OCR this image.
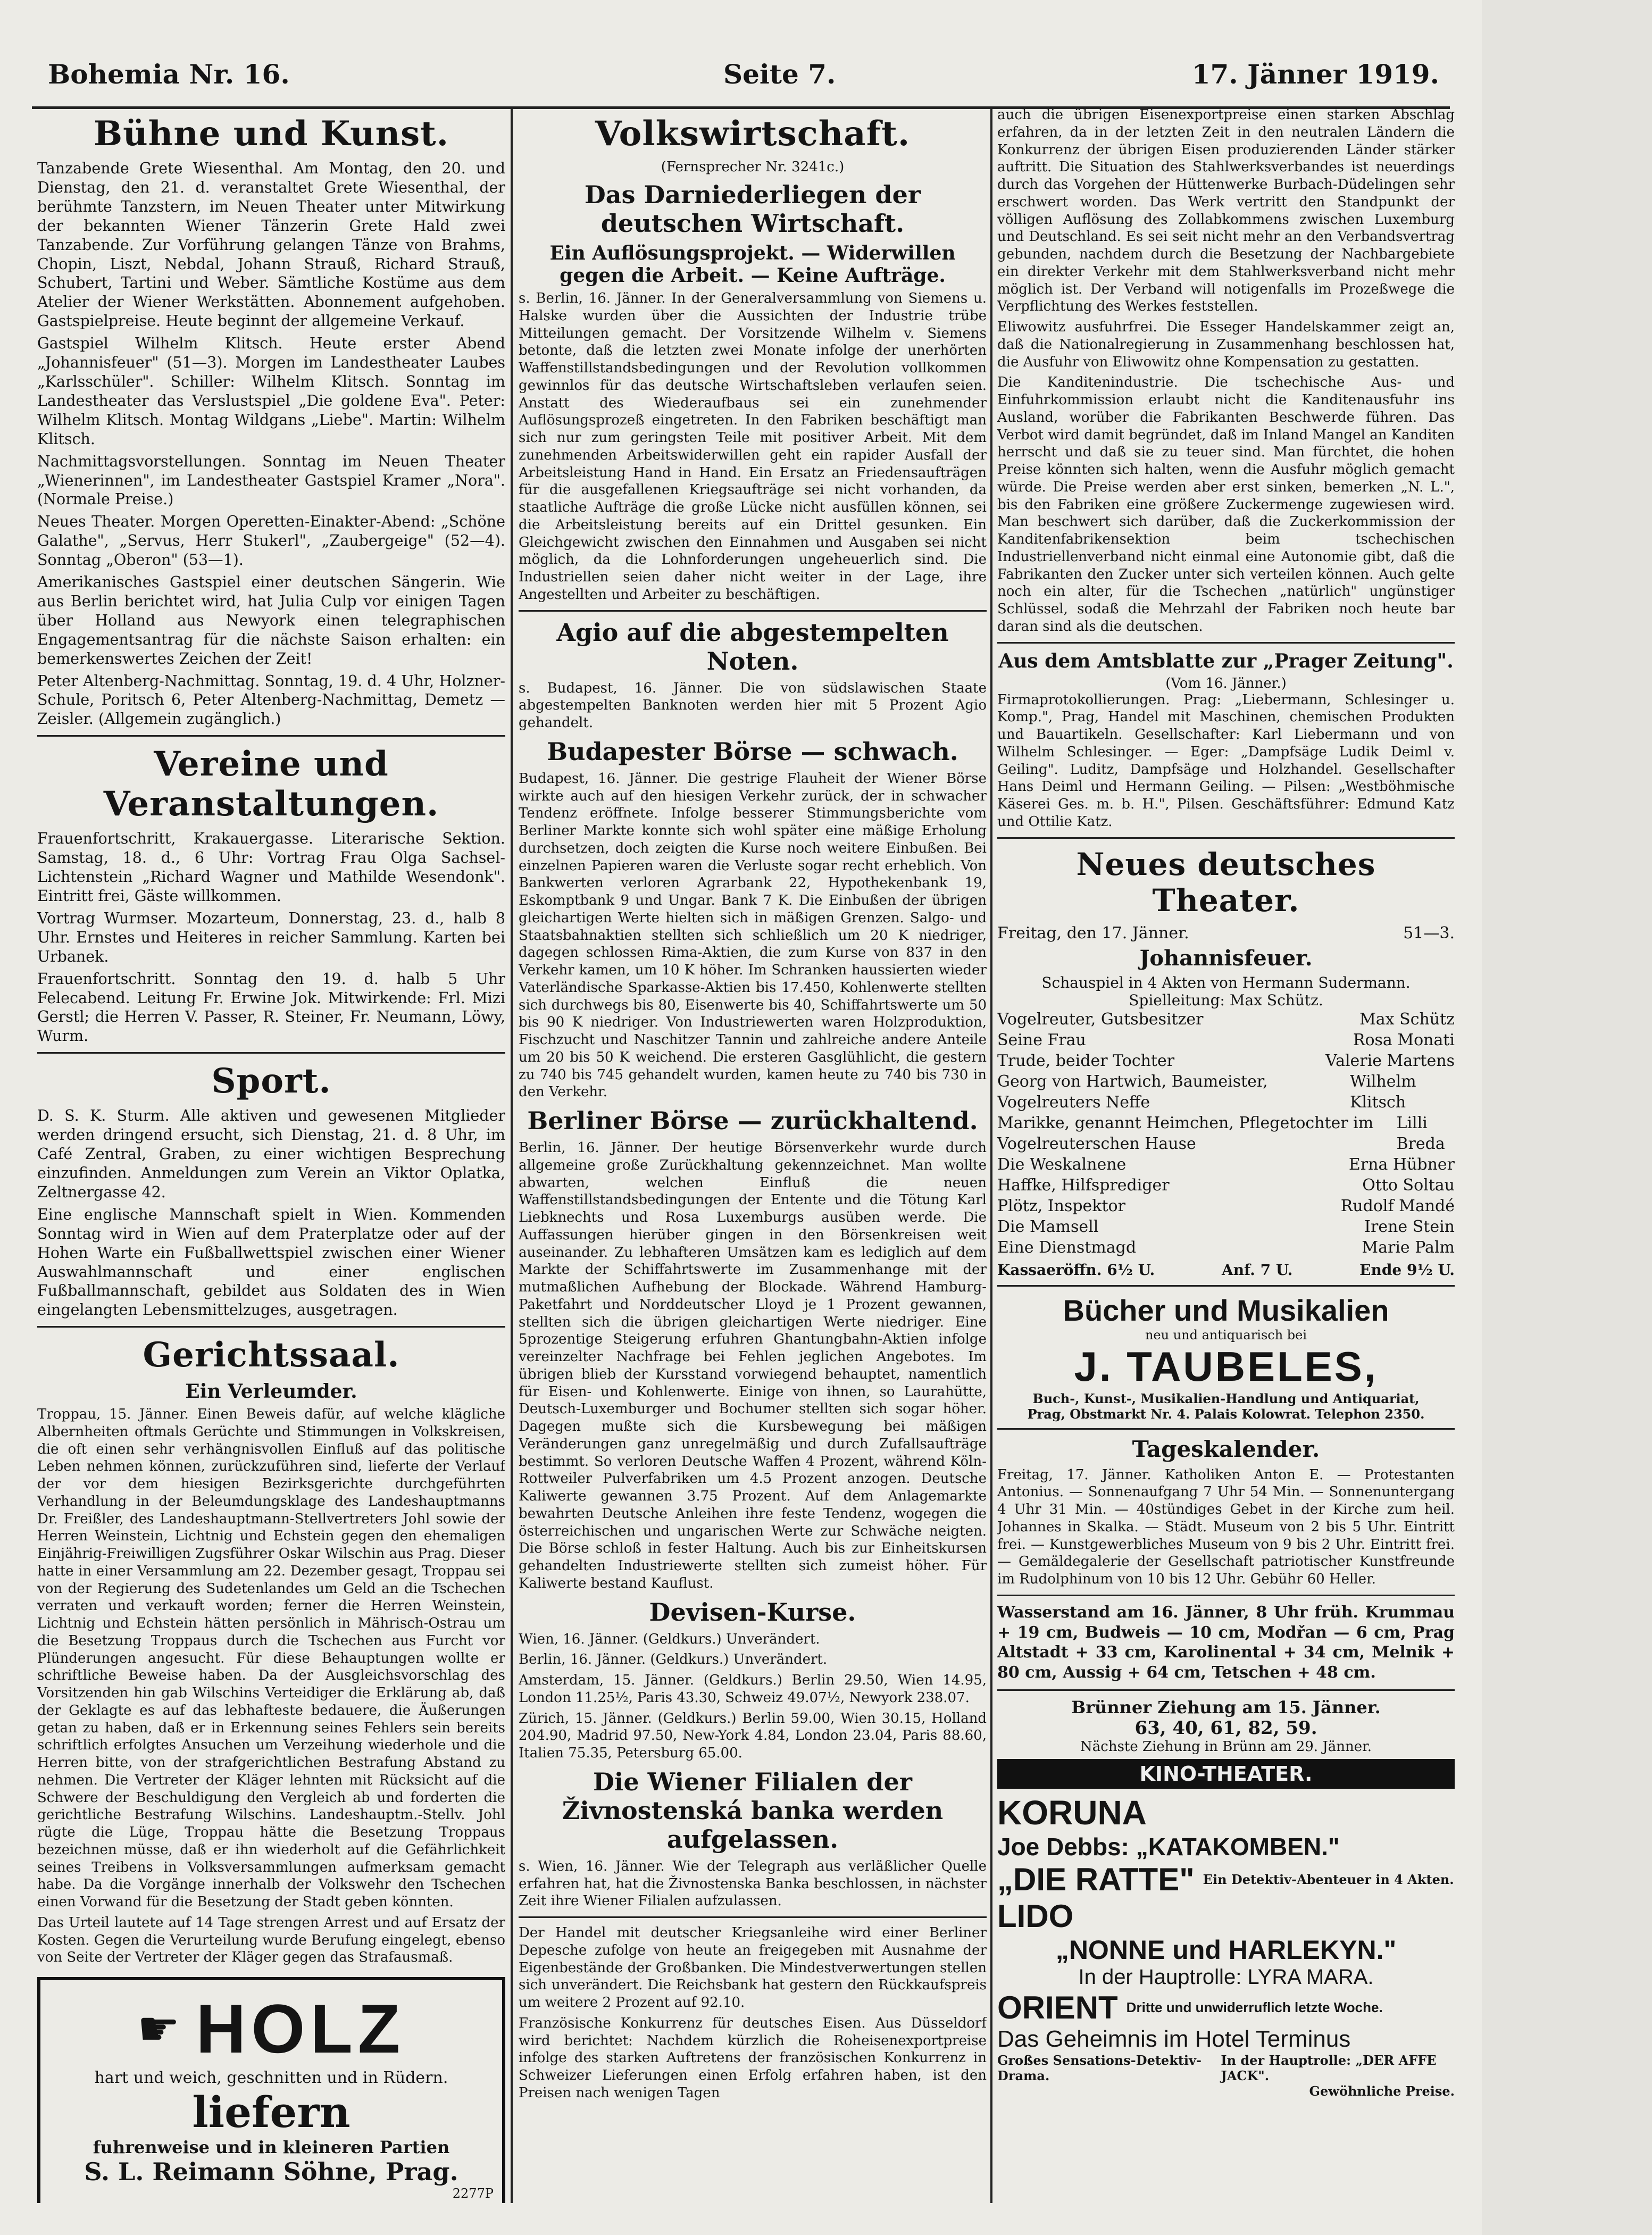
Bohemia Nr. 16.	Seite 7.	17. Jänner 1919.
Bühne und Kunst.

Tanzabende Grete Wiesenthal. Am Montag, den 20. und Dienstag, den 21. d. veranstaltet Grete Wiesenthal, der berühmte Tanzstern, im Neuen Theater unter Mitwirkung der bekannten Wiener Tänzerin Grete Hald zwei Tanzabende. Zur Vorführung gelangen Tänze von Brahms, Chopin, Liszt, Nebdal, Johann Strauß, Richard Strauß, Schubert, Tartini und Weber. Sämtliche Kostüme aus dem Atelier der Wiener Werkstätten. Abonnement aufgehoben. Gastspielpreise. Heute beginnt der allgemeine Verkauf.

Gastspiel Wilhelm Klitsch. Heute erster Abend „Johannisfeuer" (51—3). Morgen im Landestheater Laubes „Karlsschüler". Schiller: Wilhelm Klitsch. Sonntag im Landestheater das Verslustspiel „Die goldene Eva". Peter: Wilhelm Klitsch. Montag Wildgans „Liebe". Martin: Wilhelm Klitsch.

Nachmittagsvorstellungen. Sonntag im Neuen Theater „Wienerinnen", im Landestheater Gastspiel Kramer „Nora". (Normale Preise.)

Neues Theater. Morgen Operetten-Einakter-Abend: „Schöne Galathe", „Servus, Herr Stukerl", „Zaubergeige" (52—4). Sonntag „Oberon" (53—1).

Amerikanisches Gastspiel einer deutschen Sängerin. Wie aus Berlin berichtet wird, hat Julia Culp vor einigen Tagen über Holland aus Newyork einen telegraphischen Engagementsantrag für die nächste Saison erhalten: ein bemerkenswertes Zeichen der Zeit!

Peter Altenberg-Nachmittag. Sonntag, 19. d. 4 Uhr, Holzner-Schule, Poritsch 6, Peter Altenberg-Nachmittag, Demetz — Zeisler. (Allgemein zugänglich.)

Vereine und Veranstaltungen.

Frauenfortschritt, Krakauergasse. Literarische Sektion. Samstag, 18. d., 6 Uhr: Vortrag Frau Olga Sachsel-Lichtenstein „Richard Wagner und Mathilde Wesendonk". Eintritt frei, Gäste willkommen.

Vortrag Wurmser. Mozarteum, Donnerstag, 23. d., halb 8 Uhr. Ernstes und Heiteres in reicher Sammlung. Karten bei Urbanek.

Frauenfortschritt. Sonntag den 19. d. halb 5 Uhr Felecabend. Leitung Fr. Erwine Jok. Mitwirkende: Frl. Mizi Gerstl; die Herren V. Passer, R. Steiner, Fr. Neumann, Löwy, Wurm.

Sport.

D. S. K. Sturm. Alle aktiven und gewesenen Mitglieder werden dringend ersucht, sich Dienstag, 21. d. 8 Uhr, im Café Zentral, Graben, zu einer wichtigen Besprechung einzufinden. Anmeldungen zum Verein an Viktor Oplatka, Zeltnergasse 42.

Eine englische Mannschaft spielt in Wien. Kommenden Sonntag wird in Wien auf dem Praterplatze oder auf der Hohen Warte ein Fußballwettspiel zwischen einer Wiener Auswahlmannschaft und einer englischen Fußballmannschaft, gebildet aus Soldaten des in Wien eingelangten Lebensmittelzuges, ausgetragen.

Gerichtssaal.
Ein Verleumder.

Troppau, 15. Jänner. Einen Beweis dafür, auf welche klägliche Albernheiten oftmals Gerüchte und Stimmungen in Volkskreisen, die oft einen sehr verhängnisvollen Einfluß auf das politische Leben nehmen können, zurückzuführen sind, lieferte der Verlauf der vor dem hiesigen Bezirksgerichte durchgeführten Verhandlung in der Beleumdungsklage des Landeshauptmanns Dr. Freißler, des Landeshauptmann-Stellvertreters Johl sowie der Herren Weinstein, Lichtnig und Echstein gegen den ehemaligen Einjährig-Freiwilligen Zugsführer Oskar Wilschin aus Prag. Dieser hatte in einer Versammlung am 22. Dezember gesagt, Troppau sei von der Regierung des Sudetenlandes um Geld an die Tschechen verraten und verkauft worden; ferner die Herren Weinstein, Lichtnig und Echstein hätten persönlich in Mährisch-Ostrau um die Besetzung Troppaus durch die Tschechen aus Furcht vor Plünderungen angesucht. Für diese Behauptungen wollte er schriftliche Beweise haben. Da der Ausgleichsvorschlag des Vorsitzenden hin gab Wilschins Verteidiger die Erklärung ab, daß der Geklagte es auf das lebhafteste bedauere, die Äußerungen getan zu haben, daß er in Erkennung seines Fehlers sein bereits schriftlich erfolgtes Ansuchen um Verzeihung wiederhole und die Herren bitte, von der strafgerichtlichen Bestrafung Abstand zu nehmen. Die Vertreter der Kläger lehnten mit Rücksicht auf die Schwere der Beschuldigung den Vergleich ab und forderten die gerichtliche Bestrafung Wilschins. Landeshauptm.-Stellv. Johl rügte die Lüge, Troppau hätte die Besetzung Troppaus bezeichnen müsse, daß er ihn wiederholt auf die Gefährlichkeit seines Treibens in Volksversammlungen aufmerksam gemacht habe. Da die Vorgänge innerhalb der Volkswehr den Tschechen einen Vorwand für die Besetzung der Stadt geben könnten.

Das Urteil lautete auf 14 Tage strengen Arrest und auf Ersatz der Kosten. Gegen die Verurteilung wurde Berufung eingelegt, ebenso von Seite der Vertreter der Kläger gegen das Strafausmaß.

☛ HOLZ
hart und weich, geschnitten und in Rüdern.
liefern
fuhrenweise und in kleineren Partien
S. L. Reimann Söhne, Prag.
2277P
Volkswirtschaft.
(Fernsprecher Nr. 3241c.)
Das Darniederliegen der deutschen Wirtschaft.
Ein Auflösungsprojekt. — Widerwillen gegen die Arbeit. — Keine Aufträge.

s. Berlin, 16. Jänner. In der Generalversammlung von Siemens u. Halske wurden über die Aussichten der Industrie trübe Mitteilungen gemacht. Der Vorsitzende Wilhelm v. Siemens betonte, daß die letzten zwei Monate infolge der unerhörten Waffenstillstandsbedingungen und der Revolution vollkommen gewinnlos für das deutsche Wirtschaftsleben verlaufen seien. Anstatt des Wiederaufbaus sei ein zunehmender Auflösungsprozeß eingetreten. In den Fabriken beschäftigt man sich nur zum geringsten Teile mit positiver Arbeit. Mit dem zunehmenden Arbeitswiderwillen geht ein rapider Ausfall der Arbeitsleistung Hand in Hand. Ein Ersatz an Friedensaufträgen für die ausgefallenen Kriegsaufträge sei nicht vorhanden, da staatliche Aufträge die große Lücke nicht ausfüllen können, sei die Arbeitsleistung bereits auf ein Drittel gesunken. Ein Gleichgewicht zwischen den Einnahmen und Ausgaben sei nicht möglich, da die Lohnforderungen ungeheuerlich sind. Die Industriellen seien daher nicht weiter in der Lage, ihre Angestellten und Arbeiter zu beschäftigen.

Agio auf die abgestempelten Noten.

s. Budapest, 16. Jänner. Die von südslawischen Staate abgestempelten Banknoten werden hier mit 5 Prozent Agio gehandelt.

Budapester Börse — schwach.

Budapest, 16. Jänner. Die gestrige Flauheit der Wiener Börse wirkte auch auf den hiesigen Verkehr zurück, der in schwacher Tendenz eröffnete. Infolge besserer Stimmungsberichte vom Berliner Markte konnte sich wohl später eine mäßige Erholung durchsetzen, doch zeigten die Kurse noch weitere Einbußen. Bei einzelnen Papieren waren die Verluste sogar recht erheblich. Von Bankwerten verloren Agrarbank 22, Hypothekenbank 19, Eskomptbank 9 und Ungar. Bank 7 K. Die Einbußen der übrigen gleichartigen Werte hielten sich in mäßigen Grenzen. Salgo- und Staatsbahnaktien stellten sich schließlich um 20 K niedriger, dagegen schlossen Rima-Aktien, die zum Kurse von 837 in den Verkehr kamen, um 10 K höher. Im Schranken haussierten wieder Vaterländische Sparkasse-Aktien bis 17.450, Kohlenwerte stellten sich durchwegs bis 80, Eisenwerte bis 40, Schiffahrtswerte um 50 bis 90 K niedriger. Von Industriewerten waren Holzproduktion, Fischzucht und Naschitzer Tannin und zahlreiche andere Anteile um 20 bis 50 K weichend. Die ersteren Gasglühlicht, die gestern zu 740 bis 745 gehandelt wurden, kamen heute zu 740 bis 730 in den Verkehr.

Berliner Börse — zurückhaltend.

Berlin, 16. Jänner. Der heutige Börsenverkehr wurde durch allgemeine große Zurückhaltung gekennzeichnet. Man wollte abwarten, welchen Einfluß die neuen Waffenstillstandsbedingungen der Entente und die Tötung Karl Liebknechts und Rosa Luxemburgs ausüben werde. Die Auffassungen hierüber gingen in den Börsenkreisen weit auseinander. Zu lebhafteren Umsätzen kam es lediglich auf dem Markte der Schiffahrtswerte im Zusammenhange mit der mutmaßlichen Aufhebung der Blockade. Während Hamburg-Paketfahrt und Norddeutscher Lloyd je 1 Prozent gewannen, stellten sich die übrigen gleichartigen Werte niedriger. Eine 5prozentige Steigerung erfuhren Ghantungbahn-Aktien infolge vereinzelter Nachfrage bei Fehlen jeglichen Angebotes. Im übrigen blieb der Kursstand vorwiegend behauptet, namentlich für Eisen- und Kohlenwerte. Einige von ihnen, so Laurahütte, Deutsch-Luxemburger und Bochumer stellten sich sogar höher. Dagegen mußte sich die Kursbewegung bei mäßigen Veränderungen ganz unregelmäßig und durch Zufallsaufträge bestimmt. So verloren Deutsche Waffen 4 Prozent, während Köln-Rottweiler Pulverfabriken um 4.5 Prozent anzogen. Deutsche Kaliwerte gewannen 3.75 Prozent. Auf dem Anlagemarkte bewahrten Deutsche Anleihen ihre feste Tendenz, wogegen die österreichischen und ungarischen Werte zur Schwäche neigten. Die Börse schloß in fester Haltung. Auch bis zur Einheitskursen gehandelten Industriewerte stellten sich zumeist höher. Für Kaliwerte bestand Kauflust.

Devisen-Kurse.

Wien, 16. Jänner. (Geldkurs.) Unverändert.

Berlin, 16. Jänner. (Geldkurs.) Unverändert.

Amsterdam, 15. Jänner. (Geldkurs.) Berlin 29.50, Wien 14.95, London 11.25½, Paris 43.30, Schweiz 49.07½, Newyork 238.07.

Zürich, 15. Jänner. (Geldkurs.) Berlin 59.00, Wien 30.15, Holland 204.90, Madrid 97.50, New-York 4.84, London 23.04, Paris 88.60, Italien 75.35, Petersburg 65.00.

Die Wiener Filialen der Živnostenská banka werden aufgelassen.

s. Wien, 16. Jänner. Wie der Telegraph aus verläßlicher Quelle erfahren hat, hat die Živnostenska Banka beschlossen, in nächster Zeit ihre Wiener Filialen aufzulassen.

Der Handel mit deutscher Kriegsanleihe wird einer Berliner Depesche zufolge von heute an freigegeben mit Ausnahme der Eigenbestände der Großbanken. Die Mindestverwertungen stellen sich unverändert. Die Reichsbank hat gestern den Rückkaufspreis um weitere 2 Prozent auf 92.10.

Französische Konkurrenz für deutsches Eisen. Aus Düsseldorf wird berichtet: Nachdem kürzlich die Roheisenexportpreise infolge des starken Auftretens der französischen Konkurrenz in Schweizer Lieferungen einen Erfolg erfahren haben, ist den Preisen nach wenigen Tagen

auch die übrigen Eisenexportpreise einen starken Abschlag erfahren, da in der letzten Zeit in den neutralen Ländern die Konkurrenz der übrigen Eisen produzierenden Länder stärker auftritt. Die Situation des Stahlwerksverbandes ist neuerdings durch das Vorgehen der Hüttenwerke Burbach-Düdelingen sehr erschwert worden. Das Werk vertritt den Standpunkt der völligen Auflösung des Zollabkommens zwischen Luxemburg und Deutschland. Es sei seit nicht mehr an den Verbandsvertrag gebunden, nachdem durch die Besetzung der Nachbargebiete ein direkter Verkehr mit dem Stahlwerksverband nicht mehr möglich ist. Der Verband will notigenfalls im Prozeßwege die Verpflichtung des Werkes feststellen.

Eliwowitz ausfuhrfrei. Die Esseger Handelskammer zeigt an, daß die Nationalregierung in Zusammenhang beschlossen hat, die Ausfuhr von Eliwowitz ohne Kompensation zu gestatten.

Die Kanditenindustrie. Die tschechische Aus- und Einfuhrkommission erlaubt nicht die Kanditenausfuhr ins Ausland, worüber die Fabrikanten Beschwerde führen. Das Verbot wird damit begründet, daß im Inland Mangel an Kanditen herrscht und daß sie zu teuer sind. Man fürchtet, die hohen Preise könnten sich halten, wenn die Ausfuhr möglich gemacht würde. Die Preise werden aber erst sinken, bemerken „N. L.", bis den Fabriken eine größere Zuckermenge zugewiesen wird. Man beschwert sich darüber, daß die Zuckerkommission der Kanditenfabrikensektion beim tschechischen Industriellenverband nicht einmal eine Autonomie gibt, daß die Fabrikanten den Zucker unter sich verteilen können. Auch gelte noch ein alter, für die Tschechen „natürlich" ungünstiger Schlüssel, sodaß die Mehrzahl der Fabriken noch heute bar daran sind als die deutschen.

Aus dem Amtsblatte zur „Prager Zeitung".
(Vom 16. Jänner.)

Firmaprotokollierungen. Prag: „Liebermann, Schlesinger u. Komp.", Prag, Handel mit Maschinen, chemischen Produkten und Bauartikeln. Gesellschafter: Karl Liebermann und von Wilhelm Schlesinger. — Eger: „Dampfsäge Ludik Deiml v. Geiling". Luditz, Dampfsäge und Holzhandel. Gesellschafter Hans Deiml und Hermann Geiling. — Pilsen: „Westböhmische Käserei Ges. m. b. H.", Pilsen. Geschäftsführer: Edmund Katz und Ottilie Katz.

Neues deutsches Theater.
Freitag, den 17. Jänner.	51—3.
Johannisfeuer.
Schauspiel in 4 Akten von Hermann Sudermann.
Spielleitung: Max Schütz.
Vogelreuter, Gutsbesitzer	Max Schütz
Seine Frau	Rosa Monati
Trude, beider Tochter	Valerie Martens
Georg von Hartwich, Baumeister, Vogelreuters Neffe
Wilhelm Klitsch
Marikke, genannt Heimchen, Pflegetochter im Vogelreuterschen Hause
Lilli Breda
Die Weskalnene	Erna Hübner
Haffke, Hilfsprediger	Otto Soltau
Plötz, Inspektor	Rudolf Mandé
Die Mamsell	Irene Stein
Eine Dienstmagd	Marie Palm
Kassaeröffn. 6½ U.	Anf. 7 U.	Ende 9½ U.
Bücher und Musikalien
neu und antiquarisch bei
J. TAUBELES,
Buch-, Kunst-, Musikalien-Handlung und Antiquariat,
Prag, Obstmarkt Nr. 4. Palais Kolowrat. Telephon 2350.
Tageskalender.

Freitag, 17. Jänner. Katholiken Anton E. — Protestanten Antonius. — Sonnenaufgang 7 Uhr 54 Min. — Sonnenuntergang 4 Uhr 31 Min. — 40stündiges Gebet in der Kirche zum heil. Johannes in Skalka. — Städt. Museum von 2 bis 5 Uhr. Eintritt frei. — Kunstgewerbliches Museum von 9 bis 2 Uhr. Eintritt frei. — Gemäldegalerie der Gesellschaft patriotischer Kunstfreunde im Rudolphinum von 10 bis 12 Uhr. Gebühr 60 Heller.

Wasserstand am 16. Jänner, 8 Uhr früh. Krummau + 19 cm, Budweis — 10 cm, Modřan — 6 cm, Prag Altstadt + 33 cm, Karolinental + 34 cm, Melnik + 80 cm, Aussig + 64 cm, Tetschen + 48 cm.

Brünner Ziehung am 15. Jänner.
63, 40, 61, 82, 59.
Nächste Ziehung in Brünn am 29. Jänner.
KINO-THEATER.
KORUNA
Joe Debbs: „KATAKOMBEN."
„DIE RATTE" Ein Detektiv-Abenteuer in 4 Akten.
LIDO
„NONNE und HARLEKYN."
In der Hauptrolle: LYRA MARA.
ORIENT Dritte und unwiderruflich letzte Woche.
Das Geheimnis im Hotel Terminus
Großes Sensations-Detektiv-Drama.
In der Hauptrolle: „DER AFFE JACK".
Gewöhnliche Preise.
